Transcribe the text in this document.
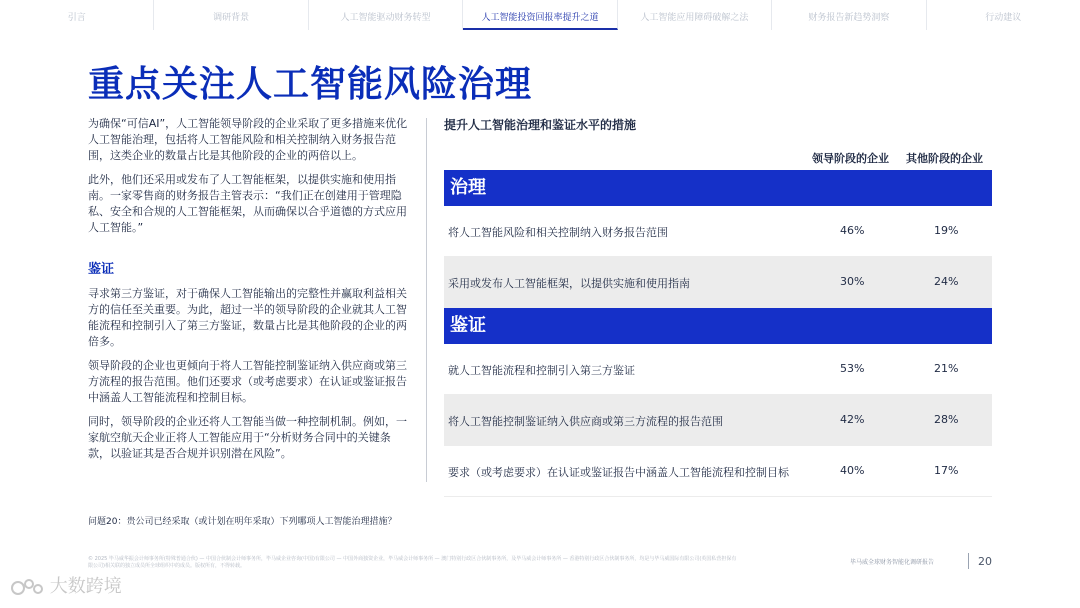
引言	调研背景	人工智能驱动财务转型	人工智能投资回报率提升之道	人工智能应用障碍破解之法	财务报告新趋势洞察	行动建议
重点关注人工智能风险治理

为确保“可信AI”，人工智能领导阶段的企业采取了更多措施来优化人工智能治理，包括将人工智能风险和相关控制纳入财务报告范围，这类企业的数量占比是其他阶段的企业的两倍以上。

此外，他们还采用或发布了人工智能框架，以提供实施和使用指南。一家零售商的财务报告主管表示：“我们正在创建用于管理隐私、安全和合规的人工智能框架，从而确保以合乎道德的方式应用人工智能。”

鉴证

寻求第三方鉴证，对于确保人工智能输出的完整性并赢取利益相关方的信任至关重要。为此，超过一半的领导阶段的企业就其人工智能流程和控制引入了第三方鉴证，数量占比是其他阶段的企业的两倍多。

领导阶段的企业也更倾向于将人工智能控制鉴证纳入供应商或第三方流程的报告范围。他们还要求（或考虑要求）在认证或鉴证报告中涵盖人工智能流程和控制目标。

同时，领导阶段的企业还将人工智能当做一种控制机制。例如，一家航空航天企业正将人工智能应用于“分析财务合同中的关键条款，以验证其是否合规并识别潜在风险”。

提升人工智能治理和鉴证水平的措施
领导阶段的企业 其他阶段的企业
治理
将人工智能风险和相关控制纳入财务报告范围	46%	19%
采用或发布人工智能框架，以提供实施和使用指南	30%	24%
鉴证
就人工智能流程和控制引入第三方鉴证	53%	21%
将人工智能控制鉴证纳入供应商或第三方流程的报告范围	42%	28%
要求（或考虑要求）在认证或鉴证报告中涵盖人工智能流程和控制目标	40%	17%
问题20：贵公司已经采取（或计划在明年采取）下列哪项人工智能治理措施？
© 2025 毕马威华振会计师事务所(特殊普通合伙) — 中国合伙制会计师事务所，毕马威企业咨询(中国)有限公司 — 中国外商独资企业，毕马威会计师事务所 — 澳门特别行政区合伙制事务所，及毕马威会计师事务所 — 香港特别行政区合伙制事务所，均是与毕马威国际有限公司(英国私营担保有限公司)相关联的独立成员所全球组织中的成员。版权所有，不得转载。	毕马威全球财务智能化调研报告	20
大数跨境
